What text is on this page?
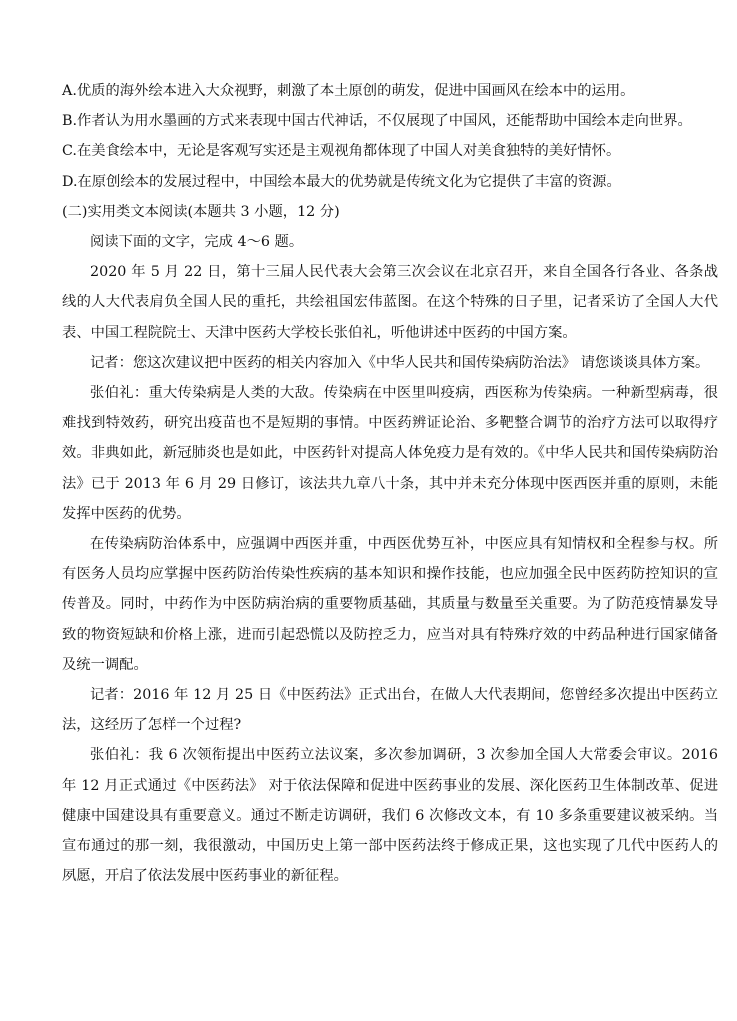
A.优质的海外绘本进入大众视野，刺激了本土原创的萌发，促进中国画风在绘本中的运用。

B.作者认为用水墨画的方式来表现中国古代神话，不仅展现了中国风，还能帮助中国绘本走向世界。

C.在美食绘本中，无论是客观写实还是主观视角都体现了中国人对美食独特的美好情怀。

D.在原创绘本的发展过程中，中国绘本最大的优势就是传统文化为它提供了丰富的资源。

(二)实用类文本阅读(本题共 3 小题，12 分)

阅读下面的文字，完成 4～6 题。

2020 年 5 月 22 日，第十三届人民代表大会第三次会议在北京召开，来自全国各行各业、各条战线的人大代表肩负全国人民的重托，共绘祖国宏伟蓝图。在这个特殊的日子里，记者采访了全国人大代表、中国工程院院士、天津中医药大学校长张伯礼，听他讲述中医药的中国方案。

记者：您这次建议把中医药的相关内容加入《中华人民共和国传染病防治法》 请您谈谈具体方案。

张伯礼：重大传染病是人类的大敌。传染病在中医里叫疫病，西医称为传染病。一种新型病毒，很难找到特效药，研究出疫苗也不是短期的事情。中医药辨证论治、多靶整合调节的治疗方法可以取得疗效。非典如此，新冠肺炎也是如此，中医药针对提高人体免疫力是有效的。《中华人民共和国传染病防治法》已于 2013 年 6 月 29 日修订，该法共九章八十条，其中并未充分体现中医西医并重的原则，未能发挥中医药的优势。

在传染病防治体系中，应强调中西医并重，中西医优势互补，中医应具有知情权和全程参与权。所有医务人员均应掌握中医药防治传染性疾病的基本知识和操作技能，也应加强全民中医药防控知识的宣传普及。同时，中药作为中医防病治病的重要物质基础，其质量与数量至关重要。为了防范疫情暴发导致的物资短缺和价格上涨，进而引起恐慌以及防控乏力，应当对具有特殊疗效的中药品种进行国家储备及统一调配。

记者：2016 年 12 月 25 日《中医药法》正式出台，在做人大代表期间，您曾经多次提出中医药立法，这经历了怎样一个过程?

张伯礼：我 6 次领衔提出中医药立法议案，多次参加调研，3 次参加全国人大常委会审议。2016 年 12 月正式通过《中医药法》 对于依法保障和促进中医药事业的发展、深化医药卫生体制改革、促进健康中国建设具有重要意义。通过不断走访调研，我们 6 次修改文本，有 10 多条重要建议被采纳。当宣布通过的那一刻，我很激动，中国历史上第一部中医药法终于修成正果，这也实现了几代中医药人的夙愿，开启了依法发展中医药事业的新征程。
